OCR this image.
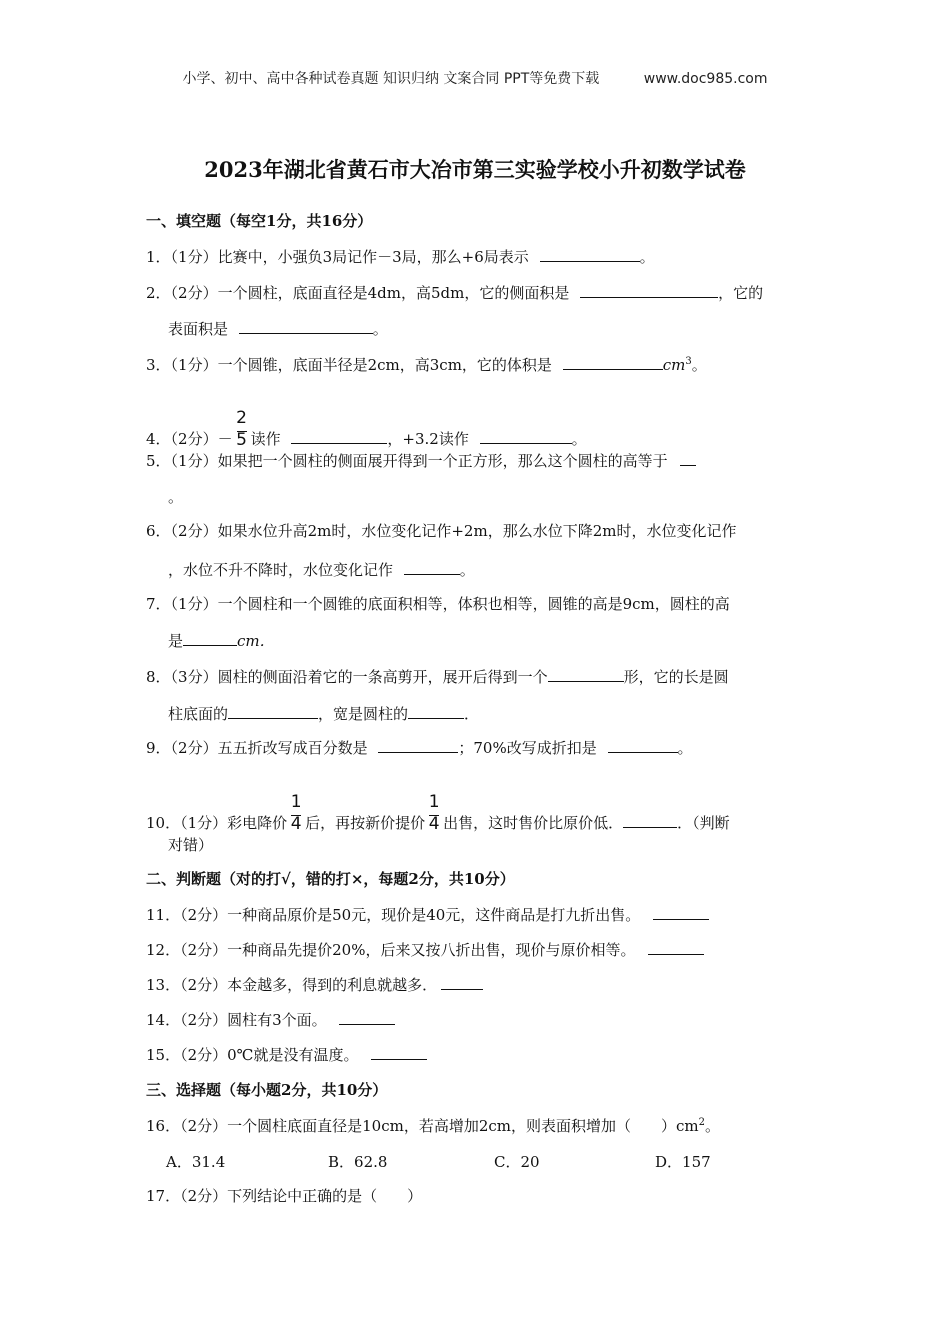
小学、初中、高中各种试卷真题 知识归纳 文案合同 PPT等免费下载	www.doc985.com
2023年湖北省黄石市大冶市第三实验学校小升初数学试卷
一、填空题（每空1分，共16分）
1．（1分）比赛中，小强负3局记作－3局，那么+6局表示	。
2．（2分）一个圆柱，底面直径是4dm，高5dm，它的侧面积是	，它的
表面积是	。
3．（1分）一个圆锥，底面半径是2cm，高3cm，它的体积是	$cm^3$。
4．（2分）－ $\frac{2}{5}$ 读作	，+3.2读作	。
5．（1分）如果把一个圆柱的侧面展开得到一个正方形，那么这个圆柱的高等于
。
6．（2分）如果水位升高2m时，水位变化记作+2m，那么水位下降2m时，水位变化记作
，水位不升不降时，水位变化记作	。
7．（1分）一个圆柱和一个圆锥的底面积相等，体积也相等，圆锥的高是9cm，圆柱的高
是	cm．
8．（3分）圆柱的侧面沿着它的一条高剪开，展开后得到一个	形，它的长是圆
柱底面的	，宽是圆柱的	．
9．（2分）五五折改写成百分数是	；70%改写成折扣是	。
10．（1分）彩电降价 $\frac{1}{4}$ 后，再按新价提价 $\frac{1}{4}$ 出售，这时售价比原价低．	．（判断
对错）
二、判断题（对的打√，错的打×，每题2分，共10分）
11．（2分）一种商品原价是50元，现价是40元，这件商品是打九折出售。
12．（2分）一种商品先提价20%，后来又按八折出售，现价与原价相等。
13．（2分）本金越多，得到的利息就越多．
14．（2分）圆柱有3个面。
15．（2分）0℃就是没有温度。
三、选择题（每小题2分，共10分）
16．（2分）一个圆柱底面直径是10cm，若高增加2cm，则表面积增加（　　）$cm^2$。
A．31.4	B．62.8	C．20	D．157
17．（2分）下列结论中正确的是（　　）
